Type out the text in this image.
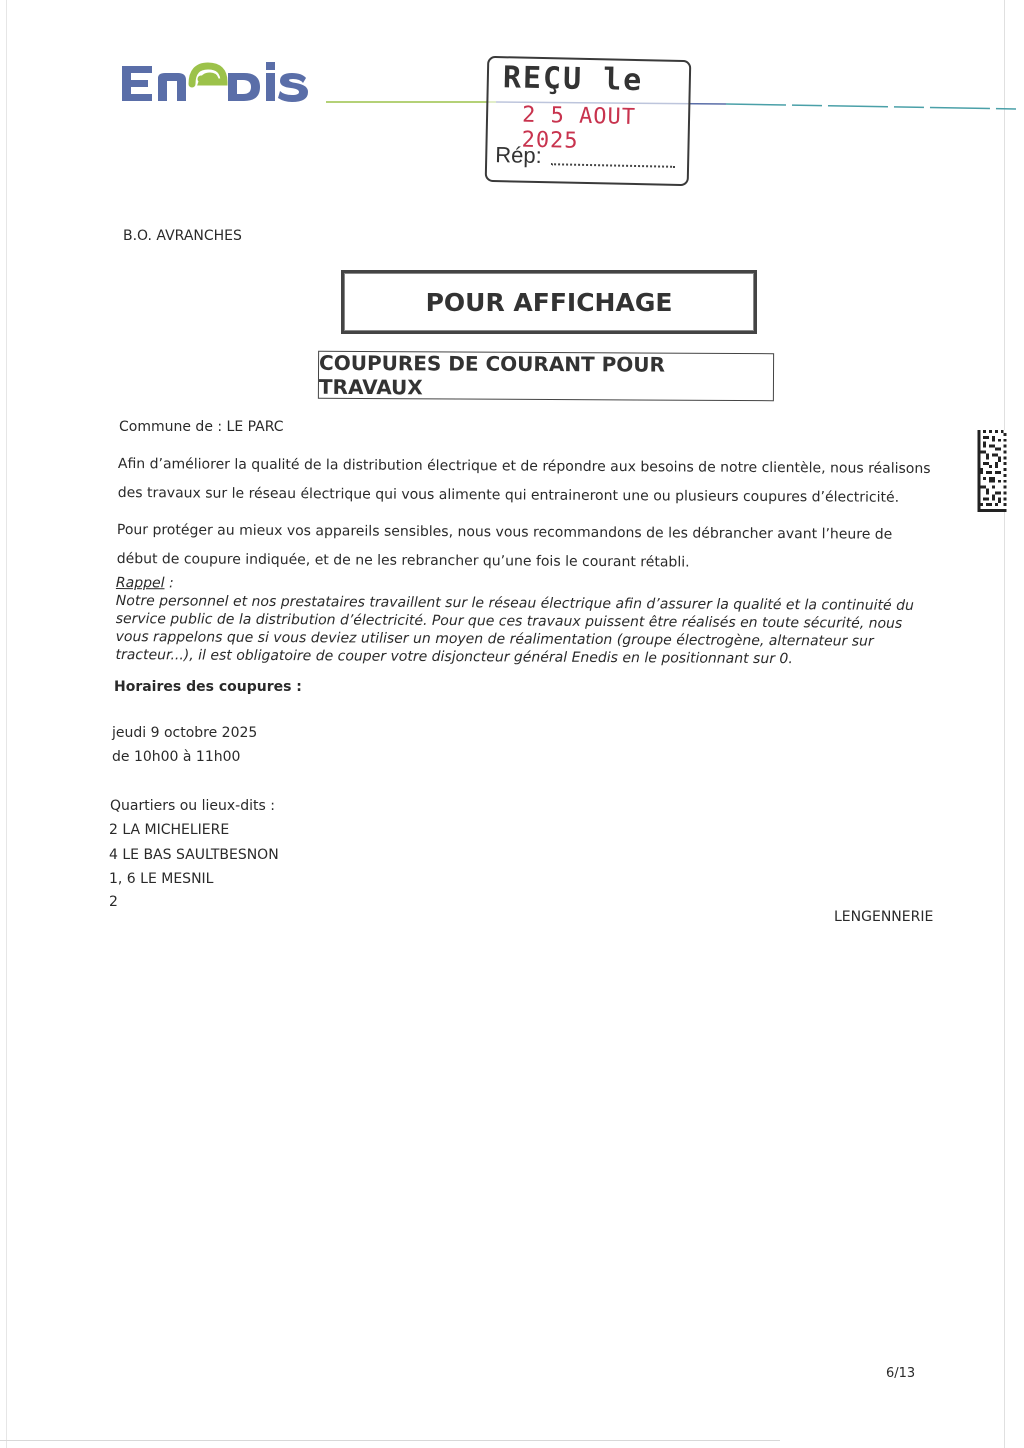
REÇU le
2 5 AOUT 2025
Rép:
B.O. AVRANCHES
POUR AFFICHAGE
COUPURES DE COURANT POUR TRAVAUX
Commune de : LE PARC
Afin d’améliorer la qualité de la distribution électrique et de répondre aux besoins de notre clientèle, nous réalisons des travaux sur le réseau électrique qui vous alimente qui entraineront une ou plusieurs coupures d’électricité.
Pour protéger au mieux vos appareils sensibles, nous vous recommandons de les débrancher avant l’heure de début de coupure indiquée, et de ne les rebrancher qu’une fois le courant rétabli.
Rappel :
Notre personnel et nos prestataires travaillent sur le réseau électrique afin d’assurer la qualité et la continuité du service public de la distribution d’électricité. Pour que ces travaux puissent être réalisés en toute sécurité, nous vous rappelons que si vous deviez utiliser un moyen de réalimentation (groupe électrogène, alternateur sur tracteur...), il est obligatoire de couper votre disjoncteur général Enedis en le positionnant sur 0.
Horaires des coupures :
jeudi 9 octobre 2025
de 10h00 à 11h00
Quartiers ou lieux-dits :
2 LA MICHELIERE
4 LE BAS SAULTBESNON
1, 6 LE MESNIL
2
LENGENNERIE
6/13
